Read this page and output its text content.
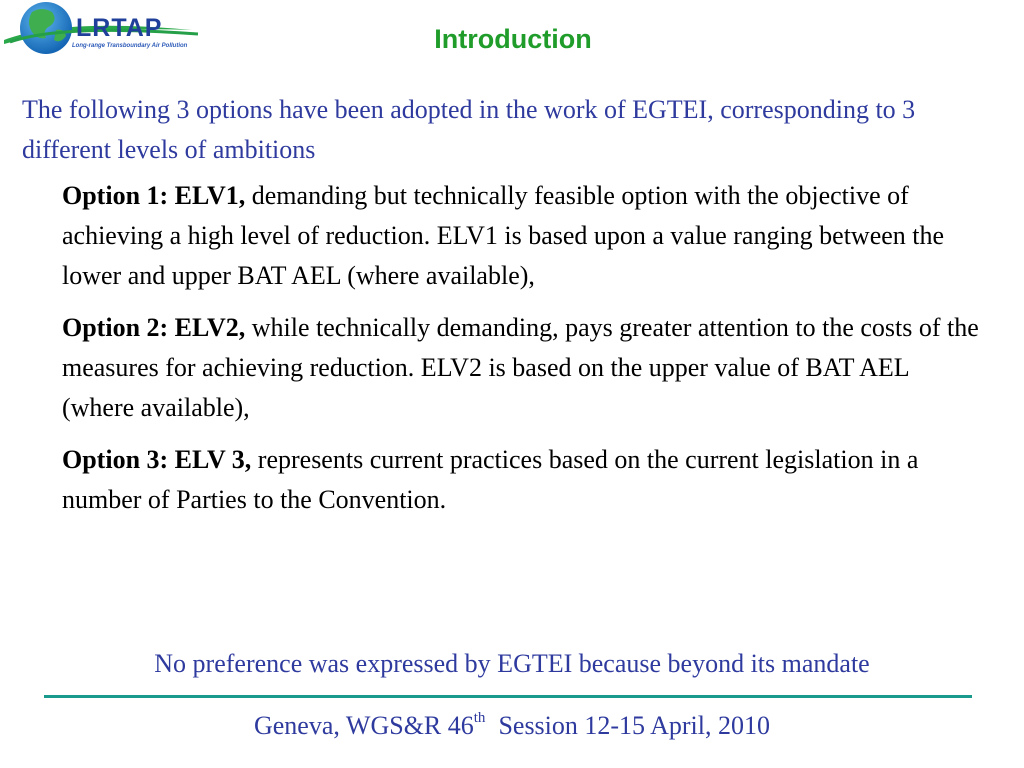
LRTAP
Long-range Transboundary Air Pollution	Introduction
The following 3 options have been adopted in the work of EGTEI, corresponding to 3 different levels of ambitions

Option 1: ELV1, demanding but technically feasible option with the objective of achieving a high level of reduction. ELV1 is based upon a value ranging between the lower and upper BAT AEL (where available),

Option 2: ELV2, while technically demanding, pays greater attention to the costs of the measures for achieving reduction. ELV2 is based on the upper value of BAT AEL (where available),

Option 3: ELV 3, represents current practices based on the current legislation in a number of Parties to the Convention.

No preference was expressed by EGTEI because beyond its mandate
Geneva, WGS&R 46th  Session 12-15 April, 2010
